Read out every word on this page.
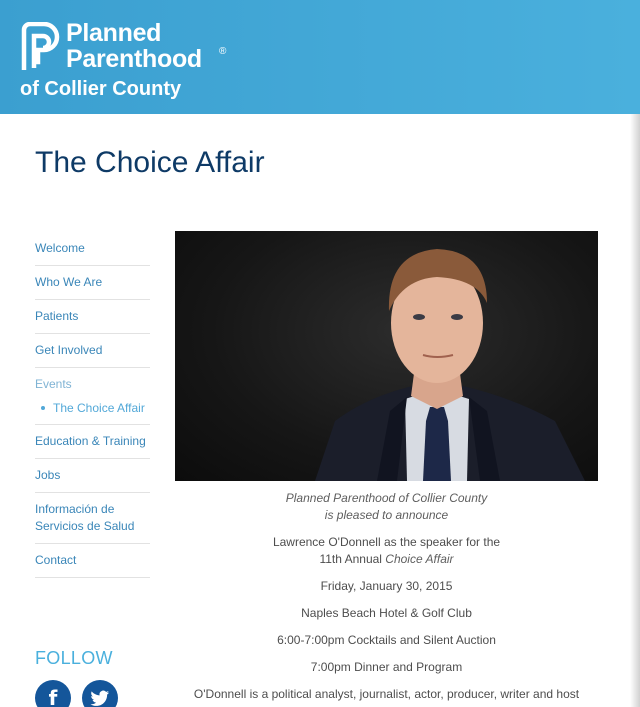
Planned
Parenthood ®
of Collier County
The Choice Affair
Welcome
Who We Are
Patients
Get Involved
Events
The Choice Affair
Education & Training
Jobs
Información de Servicios de Salud
Contact
FOLLOW
f
Planned Parenthood of Collier County
is pleased to announce
Lawrence O'Donnell as the speaker for the
11th Annual Choice Affair
Friday, January 30, 2015
Naples Beach Hotel & Golf Club
6:00-7:00pm Cocktails and Silent Auction
7:00pm Dinner and Program
O'Donnell is a political analyst, journalist, actor, producer, writer and host
